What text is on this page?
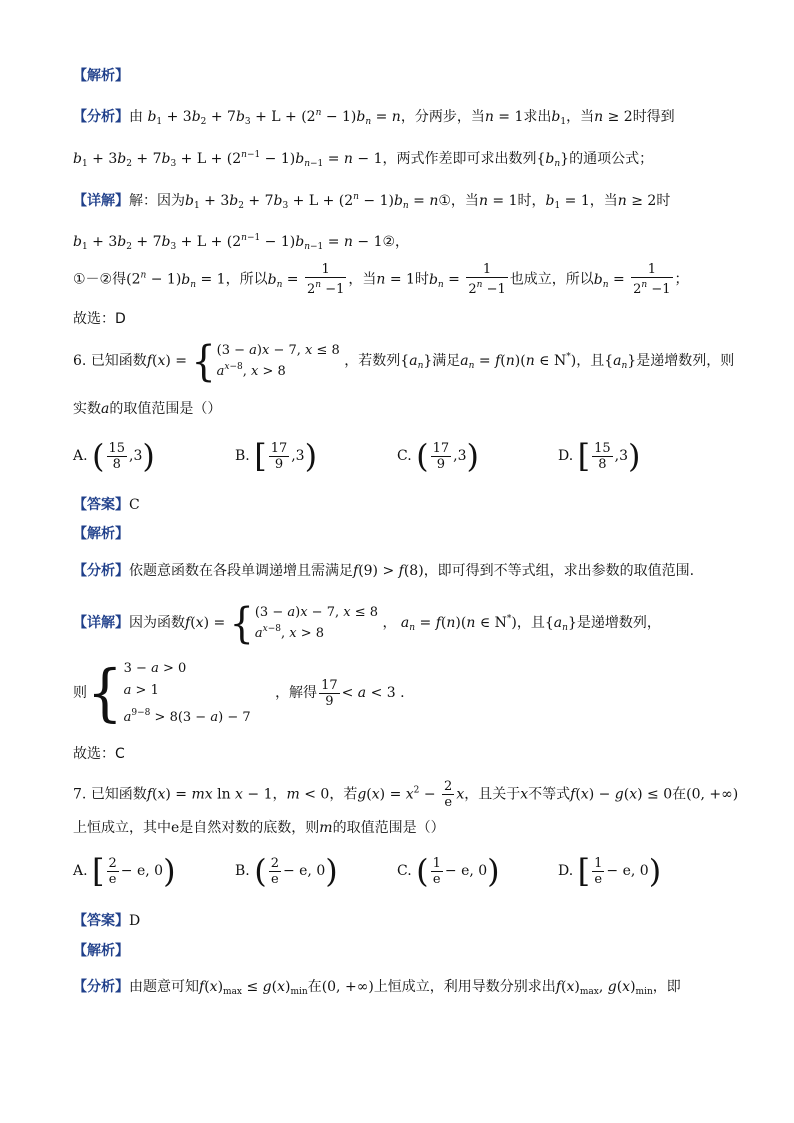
【解析】
【分析】由 $b_1 + 3b_2 + 7b_3 + L + (2^n - 1)b_n = n$，分两步，当n = 1求出$b_1$，当n ≥ 2时得到
$b_1 + 3b_2 + 7b_3 + L + (2^{n-1} - 1)b_{n-1} = n - 1$，两式作差即可求出数列$\{b_n\}$的通项公式；
【详解】解：因为$b_1 + 3b_2 + 7b_3 + L + (2^n - 1)b_n$ = n①，当n = 1时，$b_1 = 1$，当n ≥ 2时
$b_1 + 3b_2 + 7b_3 + L + (2^{n-1} - 1)b_{n-1} = n$ − 1②，
①－②得$(2^n - 1)b_n = 1$，所以$b_n = \frac{1}{2^n -1}$ ，当n = 1时$b_n = \frac{1}{2^n -1}$ 也成立，所以$b_n = \frac{1}{2^n -1}$ ；
故选：D
6. 已知函数f(x) = { (3 − a)x − 7, x ≤ 8
$a^{x-8}$, x > 8
，若数列$\{a_n\}$满足$a_n = f(n)(n$ ∈ N*)，且$\{a_n\}$是递增数列，则
实数a的取值范围是（）
A. ( $\frac{15}{8} ,3$)	B. [ $\frac{17}{9} ,3$)	C. ( $\frac{17}{9} ,3$)	D. [ $\frac{15}{8} ,3$)
【答案】C
【解析】
【分析】依题意函数在各段单调递增且需满足f(9) > f(8)，即可得到不等式组，求出参数的取值范围.
【详解】因为函数f(x) = { (3 − a)x − 7, x ≤ 8
$a^{x-8}$, x > 8
， $a_n = f(n)(n$ ∈ N*)，且$\{a_n\}$是递增数列，
则{ 3 − a > 0
a > 1
$a^{9-8} > 8(3 - a) - 7$
，解得 $\frac{17}{9} < a < 3$ .
故选：C
7. 已知函数f(x) = mx ln x − 1，m < 0，若$g(x) = x^2 - \frac{2}{e}$ x，且关于x不等式f(x) − g(x) ≤ 0在(0, +∞)
上恒成立，其中e是自然对数的底数，则m的取值范围是（）
A. [ $\frac{2}{e} - e$, 0)	B. ( $\frac{2}{e} - e$, 0)	C. ( $\frac{1}{e} - e$, 0)	D. [ $\frac{1}{e} - e$, 0)
【答案】D
【解析】
【分析】由题意可知$f(x)_{max} \le g(x)_{min}$在(0, +∞)上恒成立，利用导数分别求出$f(x)_{max}$, $g(x)_{min}$，即
